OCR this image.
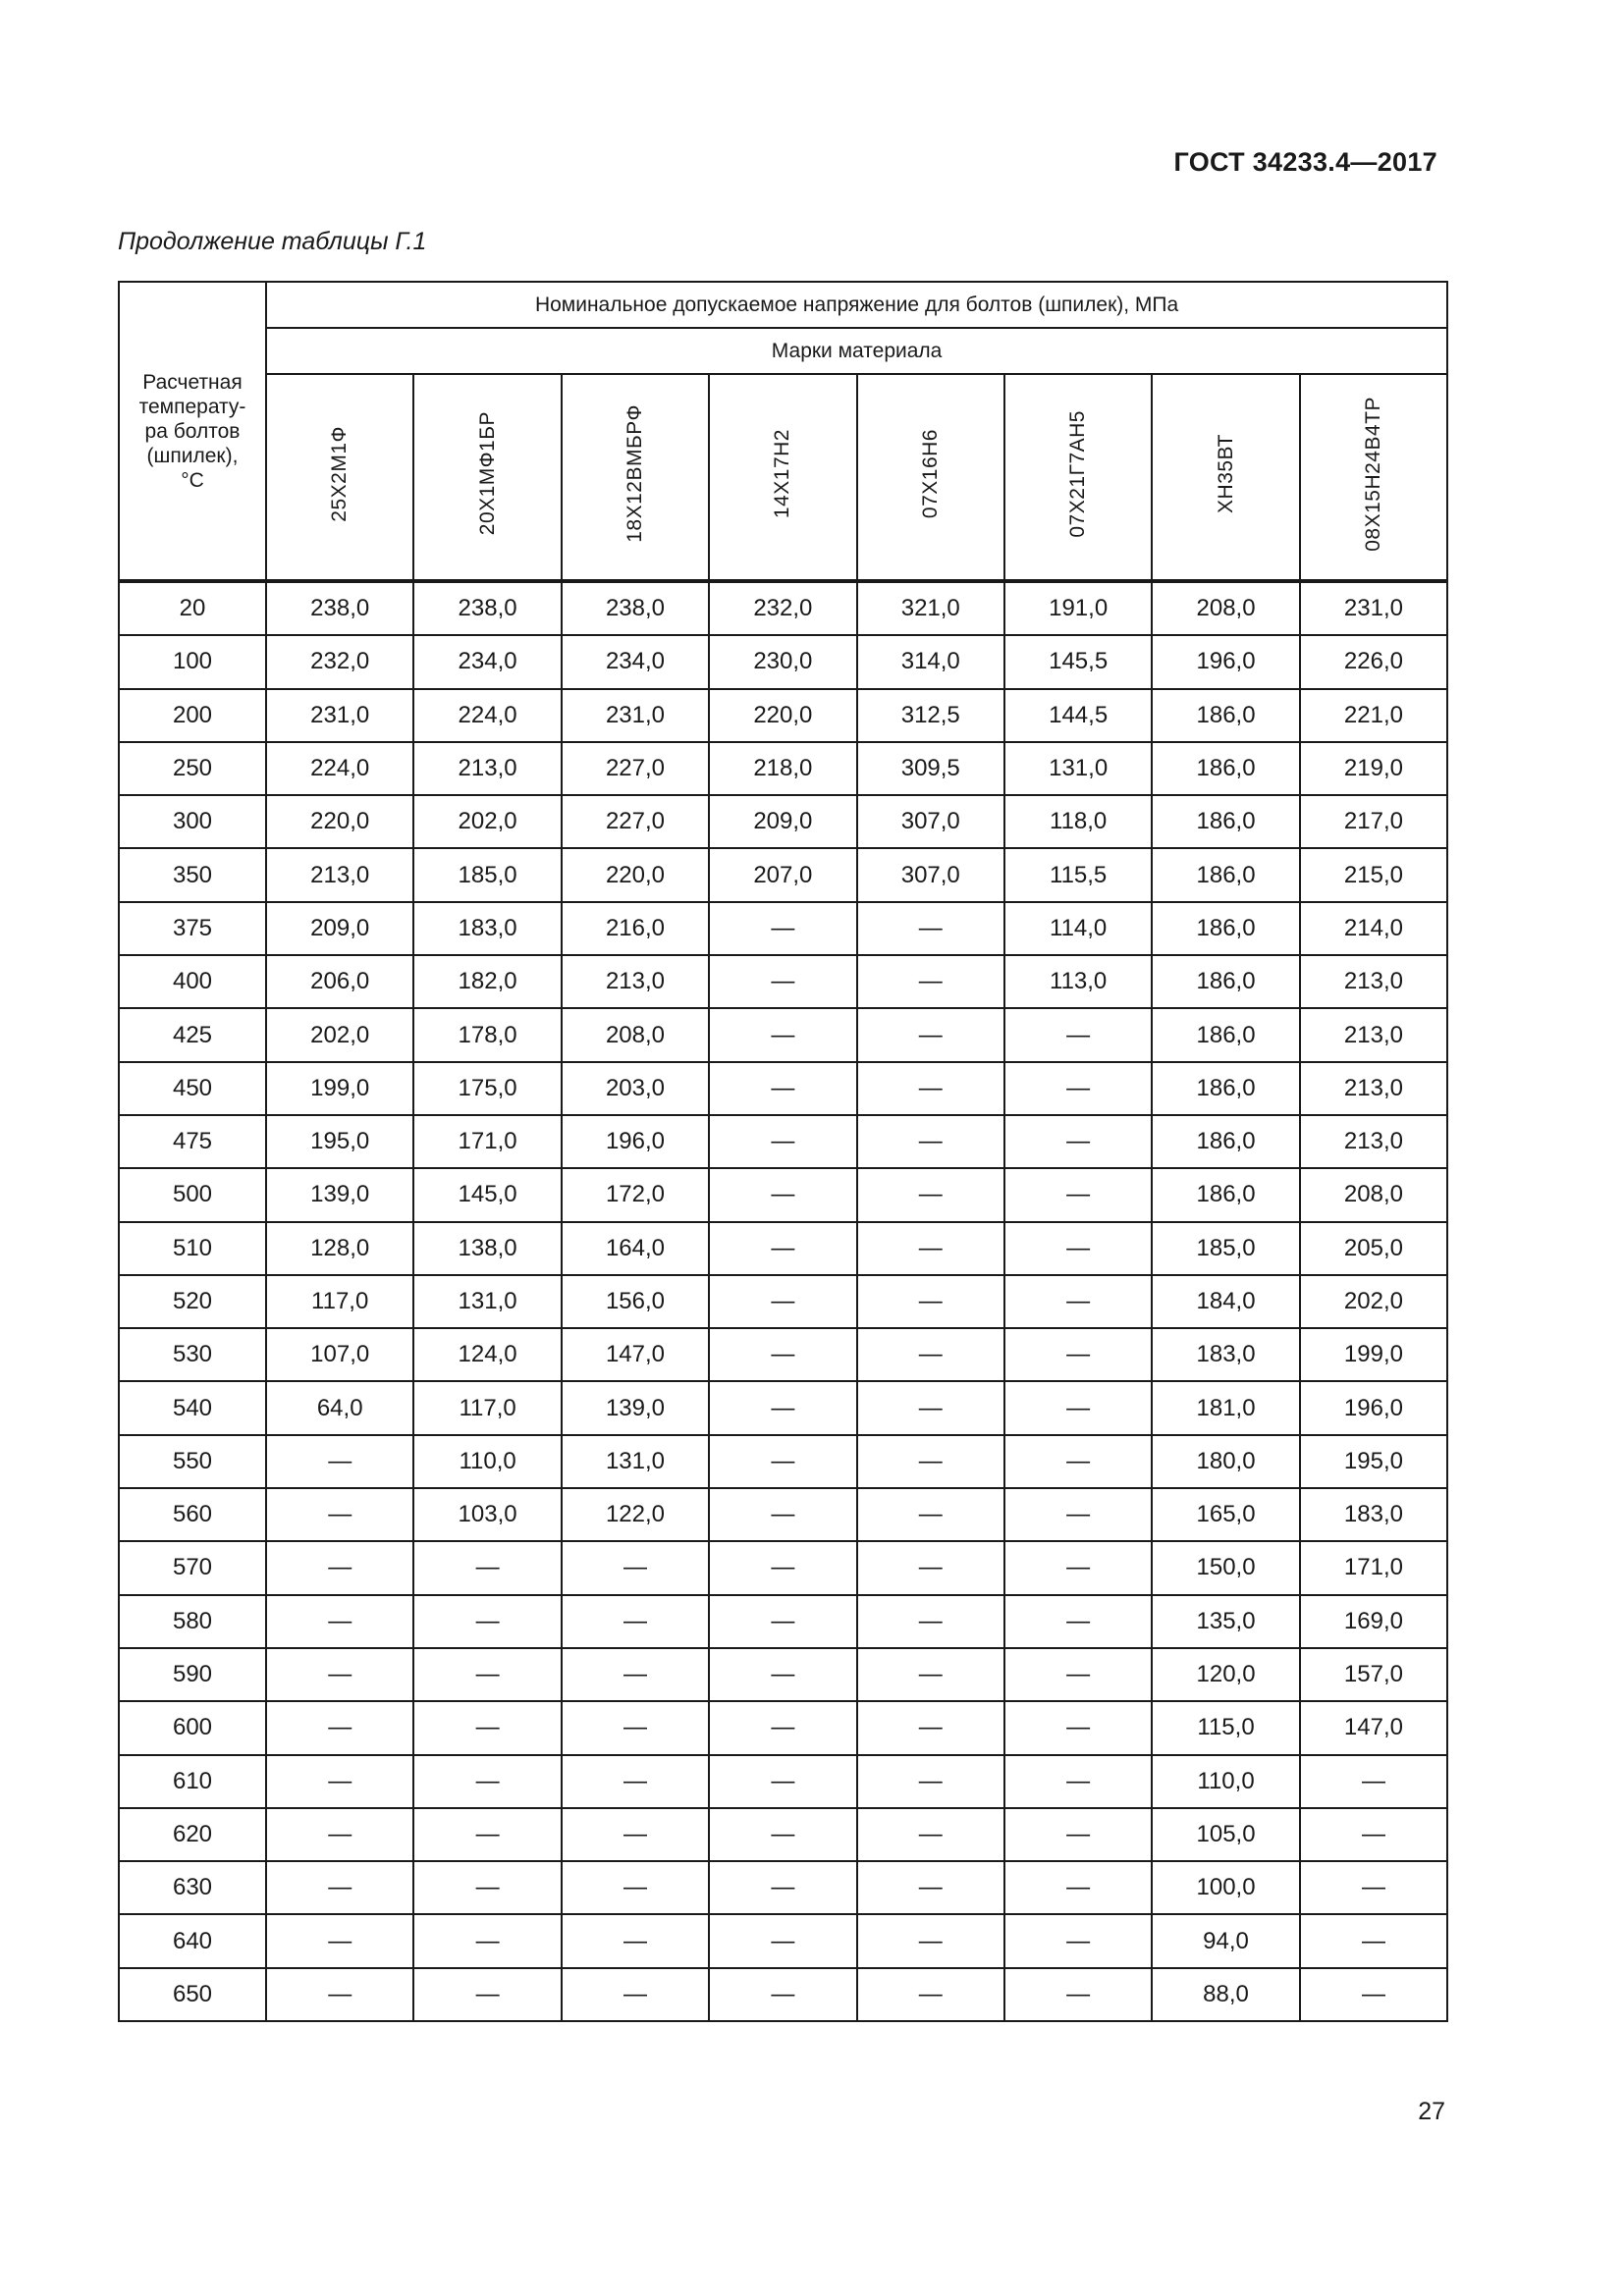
ГОСТ 34233.4—2017
Продолжение таблицы Г.1
Расчетная
температу-
ра болтов
(шпилек),
°С	Номинальное допускаемое напряжение для болтов (шпилек), МПа							
	Марки материала							
	25Х2М1Ф	20Х1МФ1БР	18Х12ВМБРФ	14Х17Н2	07Х16Н6	07Х21Г7АН5	ХН35ВТ	08Х15Н24В4ТР
20	238,0	238,0	238,0	232,0	321,0	191,0	208,0	231,0
100	232,0	234,0	234,0	230,0	314,0	145,5	196,0	226,0
200	231,0	224,0	231,0	220,0	312,5	144,5	186,0	221,0
250	224,0	213,0	227,0	218,0	309,5	131,0	186,0	219,0
300	220,0	202,0	227,0	209,0	307,0	118,0	186,0	217,0
350	213,0	185,0	220,0	207,0	307,0	115,5	186,0	215,0
375	209,0	183,0	216,0	—	—	114,0	186,0	214,0
400	206,0	182,0	213,0	—	—	113,0	186,0	213,0
425	202,0	178,0	208,0	—	—	—	186,0	213,0
450	199,0	175,0	203,0	—	—	—	186,0	213,0
475	195,0	171,0	196,0	—	—	—	186,0	213,0
500	139,0	145,0	172,0	—	—	—	186,0	208,0
510	128,0	138,0	164,0	—	—	—	185,0	205,0
520	117,0	131,0	156,0	—	—	—	184,0	202,0
530	107,0	124,0	147,0	—	—	—	183,0	199,0
540	64,0	117,0	139,0	—	—	—	181,0	196,0
550	—	110,0	131,0	—	—	—	180,0	195,0
560	—	103,0	122,0	—	—	—	165,0	183,0
570	—	—	—	—	—	—	150,0	171,0
580	—	—	—	—	—	—	135,0	169,0
590	—	—	—	—	—	—	120,0	157,0
600	—	—	—	—	—	—	115,0	147,0
610	—	—	—	—	—	—	110,0	—
620	—	—	—	—	—	—	105,0	—
630	—	—	—	—	—	—	100,0	—
640	—	—	—	—	—	—	94,0	—
650	—	—	—	—	—	—	88,0	—
27
